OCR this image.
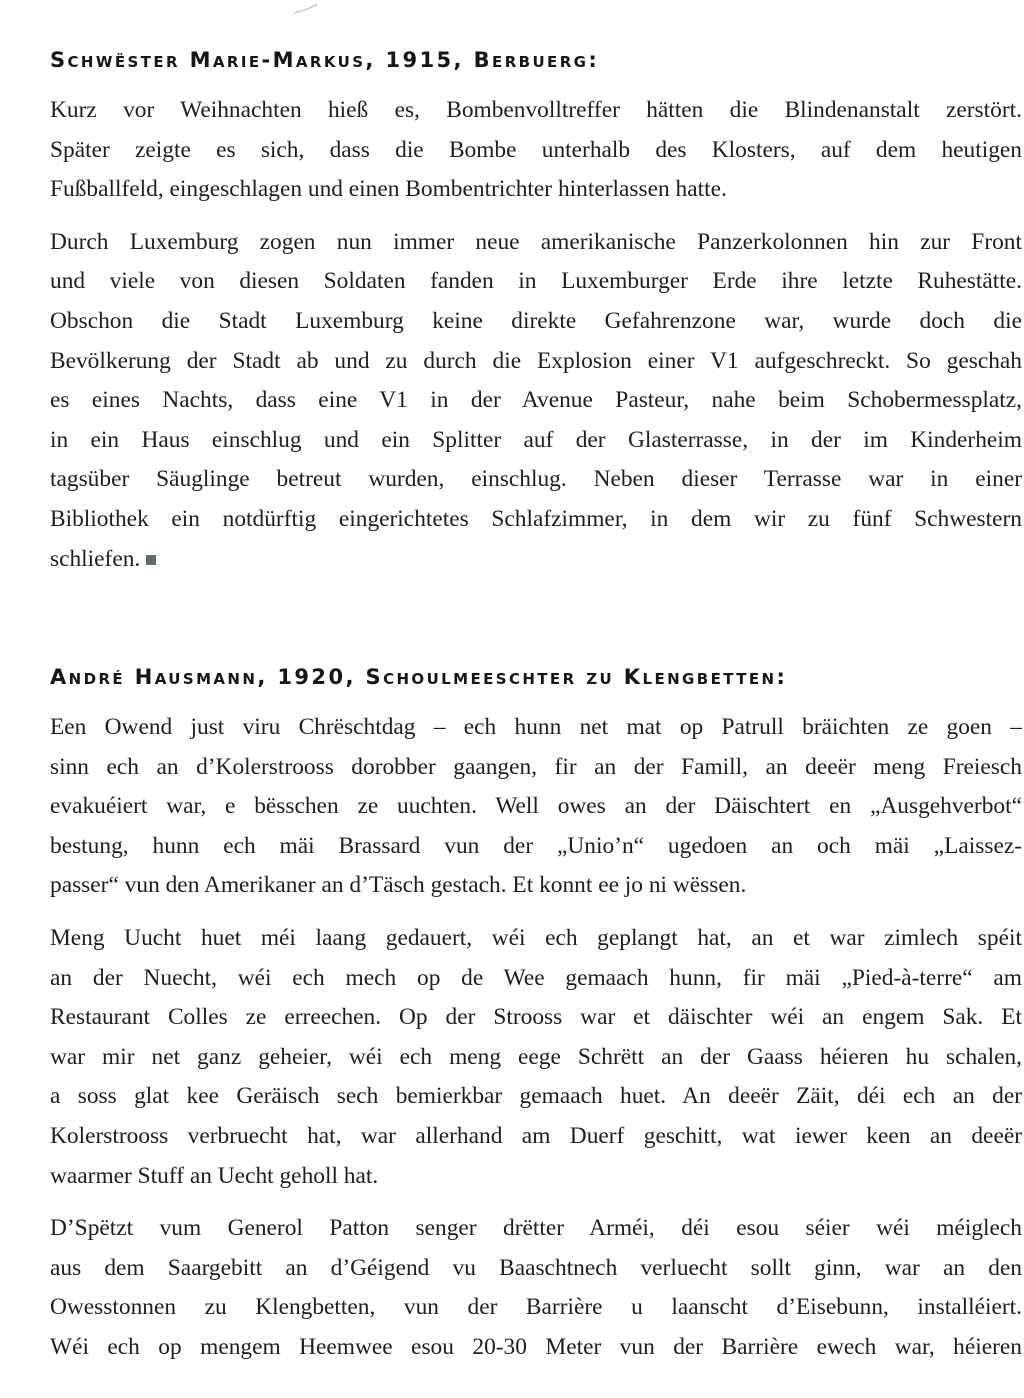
Schwëster Marie-Markus, 1915, Berbuerg:
Kurz vor Weihnachten hieß es, Bombenvolltreffer hätten die Blindenanstalt zerstört.
Später zeigte es sich, dass die Bombe unterhalb des Klosters, auf dem heutigen
Fußballfeld, eingeschlagen und einen Bombentrichter hinterlassen hatte.
Durch Luxemburg zogen nun immer neue amerikanische Panzerkolonnen hin zur Front
und viele von diesen Soldaten fanden in Luxemburger Erde ihre letzte Ruhestätte.
Obschon die Stadt Luxemburg keine direkte Gefahrenzone war, wurde doch die
Bevölkerung der Stadt ab und zu durch die Explosion einer V1 aufgeschreckt. So geschah
es eines Nachts, dass eine V1 in der Avenue Pasteur, nahe beim Schobermessplatz,
in ein Haus einschlug und ein Splitter auf der Glasterrasse, in der im Kinderheim
tagsüber Säuglinge betreut wurden, einschlug. Neben dieser Terrasse war in einer
Bibliothek ein notdürftig eingerichtetes Schlafzimmer, in dem wir zu fünf Schwestern
schliefen.
André Hausmann, 1920, Schoulmeeschter zu Klengbetten:
Een Owend just viru Chrëschtdag – ech hunn net mat op Patrull bräichten ze goen –
sinn ech an d’Kolerstrooss dorobber gaangen, fir an der Famill, an deeër meng Freiesch
evakuéiert war, e bësschen ze uuchten. Well owes an der Däischtert en „Ausgehverbot“
bestung, hunn ech mäi Brassard vun der „Unio’n“ ugedoen an och mäi „Laissez-
passer“ vun den Amerikaner an d’Täsch gestach. Et konnt ee jo ni wëssen.
Meng Uucht huet méi laang gedauert, wéi ech geplangt hat, an et war zimlech spéit
an der Nuecht, wéi ech mech op de Wee gemaach hunn, fir mäi „Pied-à-terre“ am
Restaurant Colles ze erreechen. Op der Strooss war et däischter wéi an engem Sak. Et
war mir net ganz geheier, wéi ech meng eege Schrëtt an der Gaass héieren hu schalen,
a soss glat kee Geräisch sech bemierkbar gemaach huet. An deeër Zäit, déi ech an der
Kolerstrooss verbruecht hat, war allerhand am Duerf geschitt, wat iewer keen an deeër
waarmer Stuff an Uecht geholl hat.
D’Spëtzt vum Generol Patton senger drëtter Arméi, déi esou séier wéi méiglech
aus dem Saargebitt an d’Géigend vu Baaschtnech verluecht sollt ginn, war an den
Owesstonnen zu Klengbetten, vun der Barrière u laanscht d’Eisebunn, installéiert.
Wéi ech op mengem Heemwee esou 20-30 Meter vun der Barrière ewech war, héieren
